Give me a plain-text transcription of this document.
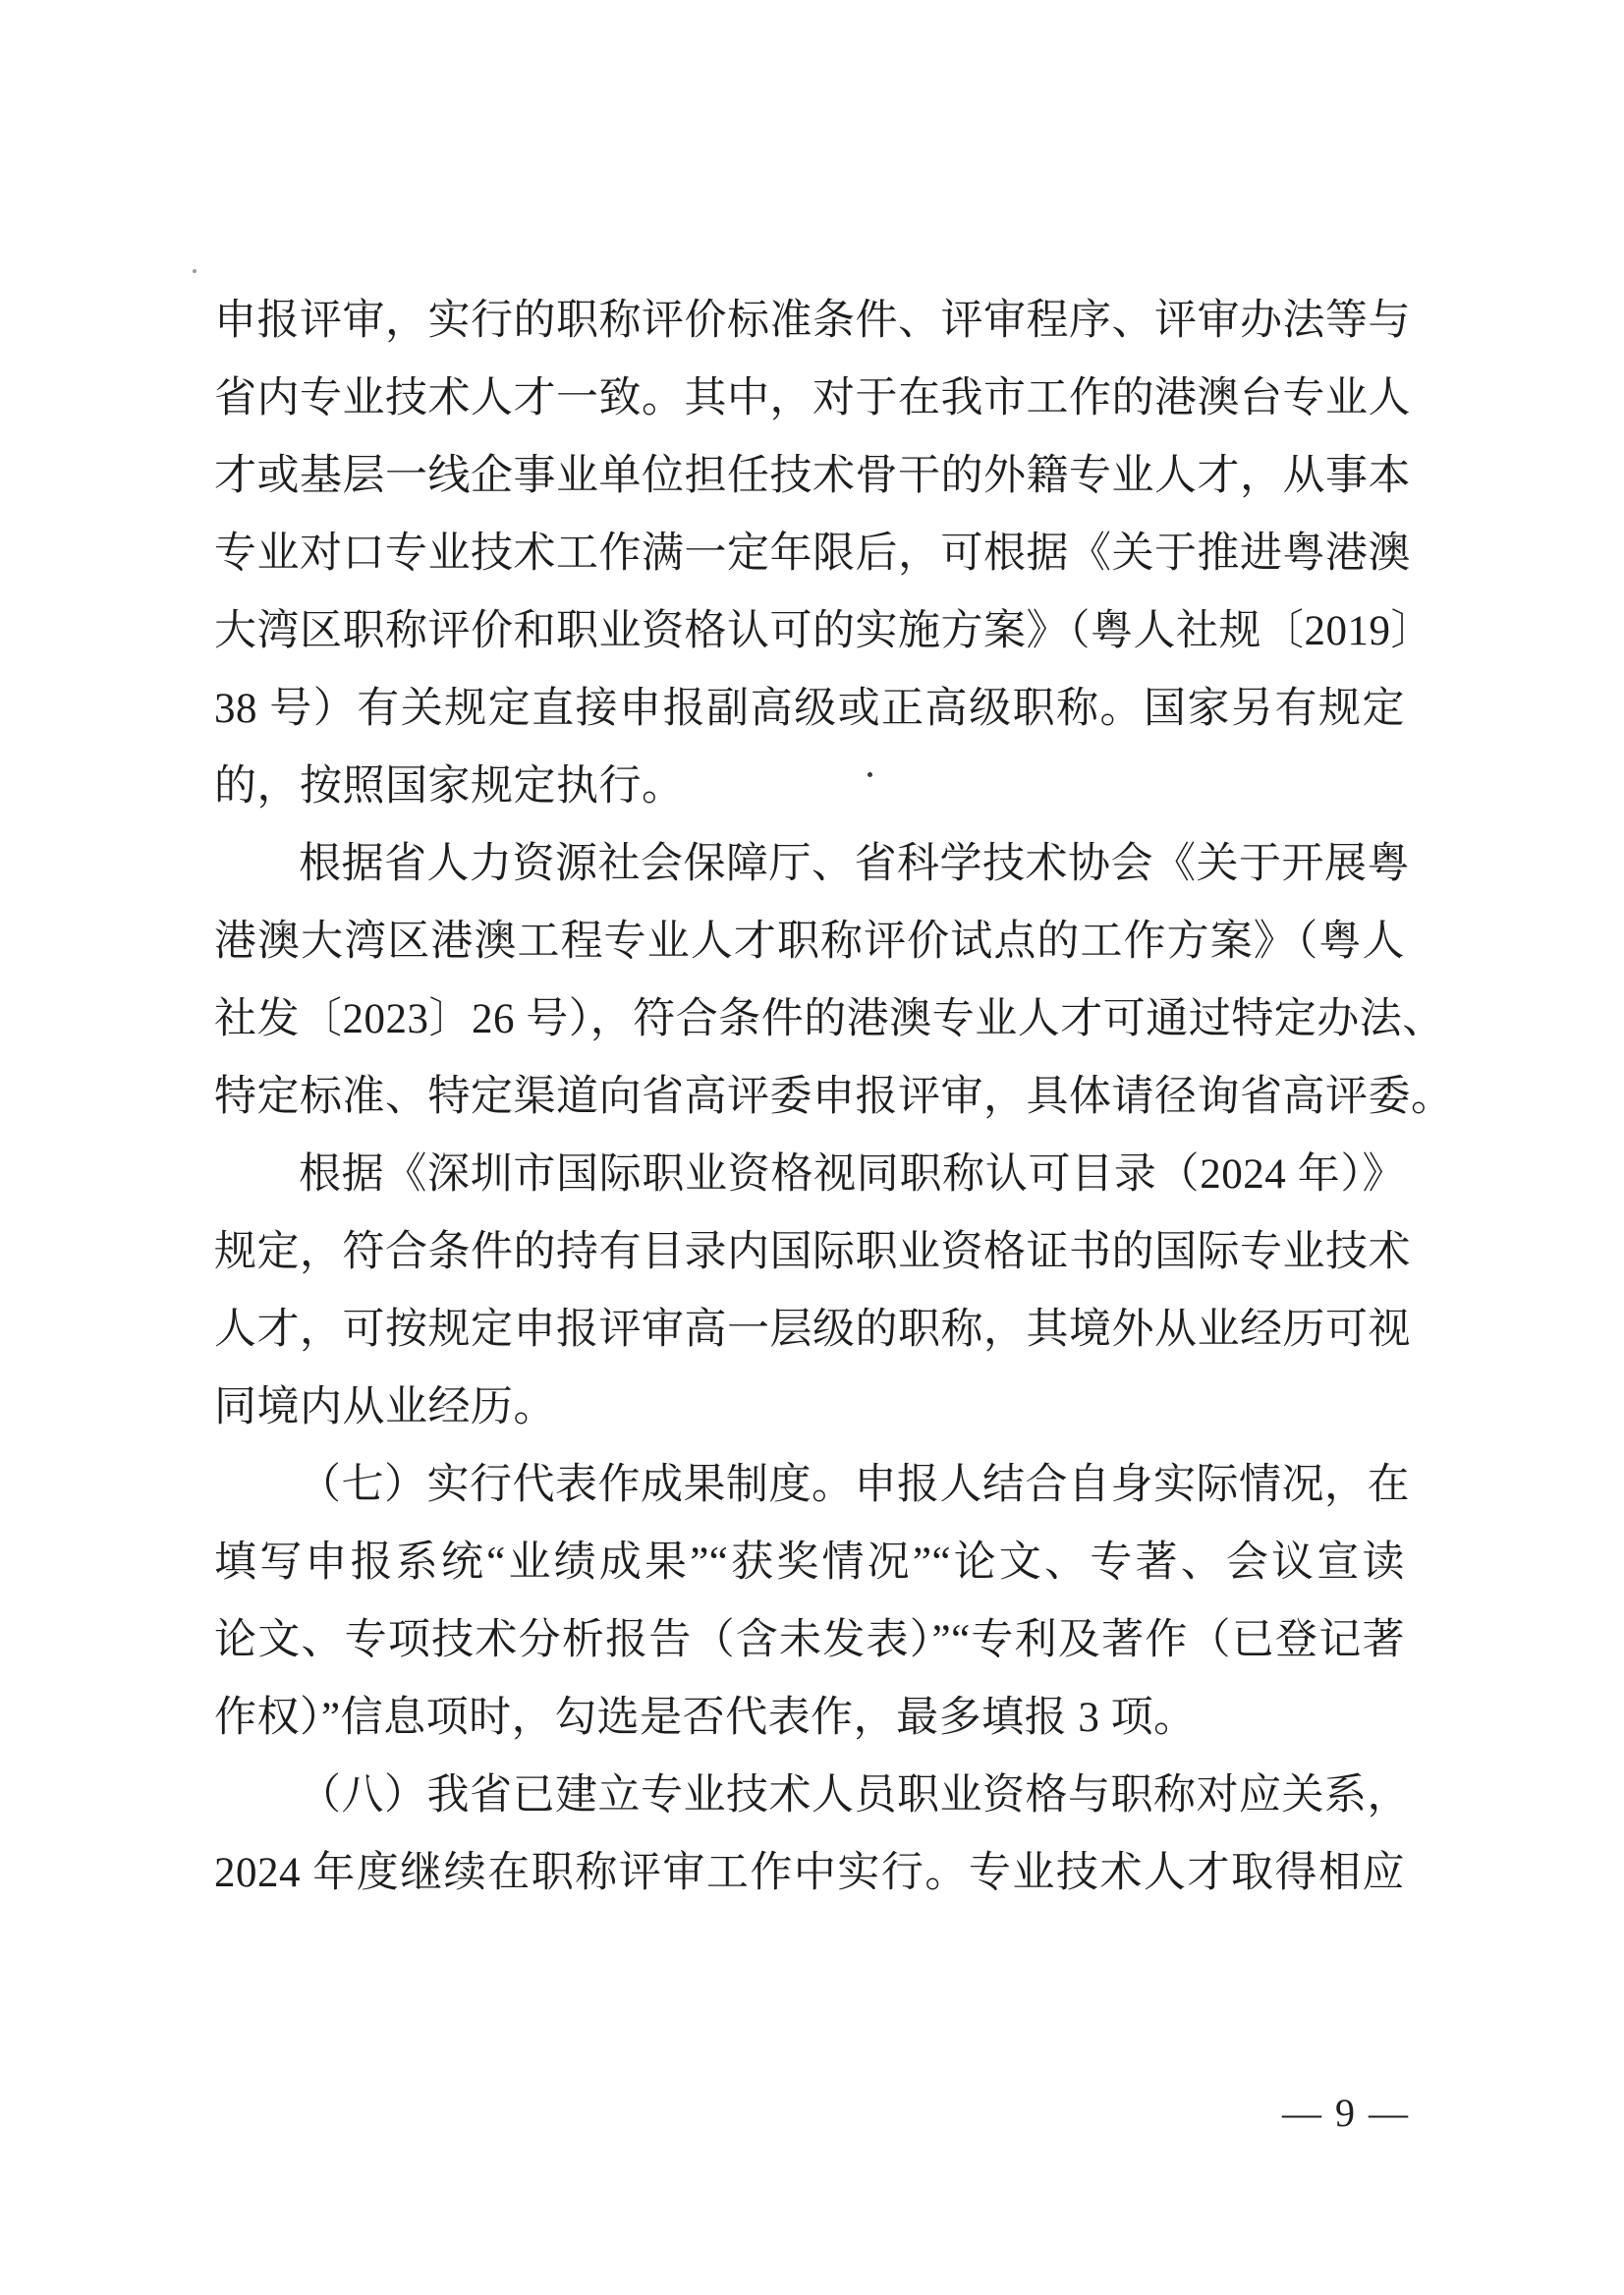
申报评审，实行的职称评价标准条件、评审程序、评审办法等与
省内专业技术人才一致。其中，对于在我市工作的港澳台专业人
才或基层一线企事业单位担任技术骨干的外籍专业人才，从事本
专业对口专业技术工作满一定年限后，可根据《关于推进粤港澳
大湾区职称评价和职业资格认可的实施方案》（粤人社规〔2019〕
38 号）有关规定直接申报副高级或正高级职称。国家另有规定
的，按照国家规定执行。
根据省人力资源社会保障厅、省科学技术协会《关于开展粤
港澳大湾区港澳工程专业人才职称评价试点的工作方案》（粤人
社发〔2023〕26 号），符合条件的港澳专业人才可通过特定办法、
特定标准、特定渠道向省高评委申报评审，具体请径询省高评委。
根据《深圳市国际职业资格视同职称认可目录（2024 年）》
规定，符合条件的持有目录内国际职业资格证书的国际专业技术
人才，可按规定申报评审高一层级的职称，其境外从业经历可视
同境内从业经历。
（七）实行代表作成果制度。申报人结合自身实际情况，在
填写申报系统“业绩成果”“获奖情况”“论文、专著、会议宣读
论文、专项技术分析报告（含未发表）”“专利及著作（已登记著
作权）”信息项时，勾选是否代表作，最多填报 3 项。
（八）我省已建立专业技术人员职业资格与职称对应关系，
2024 年度继续在职称评审工作中实行。专业技术人才取得相应
— 9 —
